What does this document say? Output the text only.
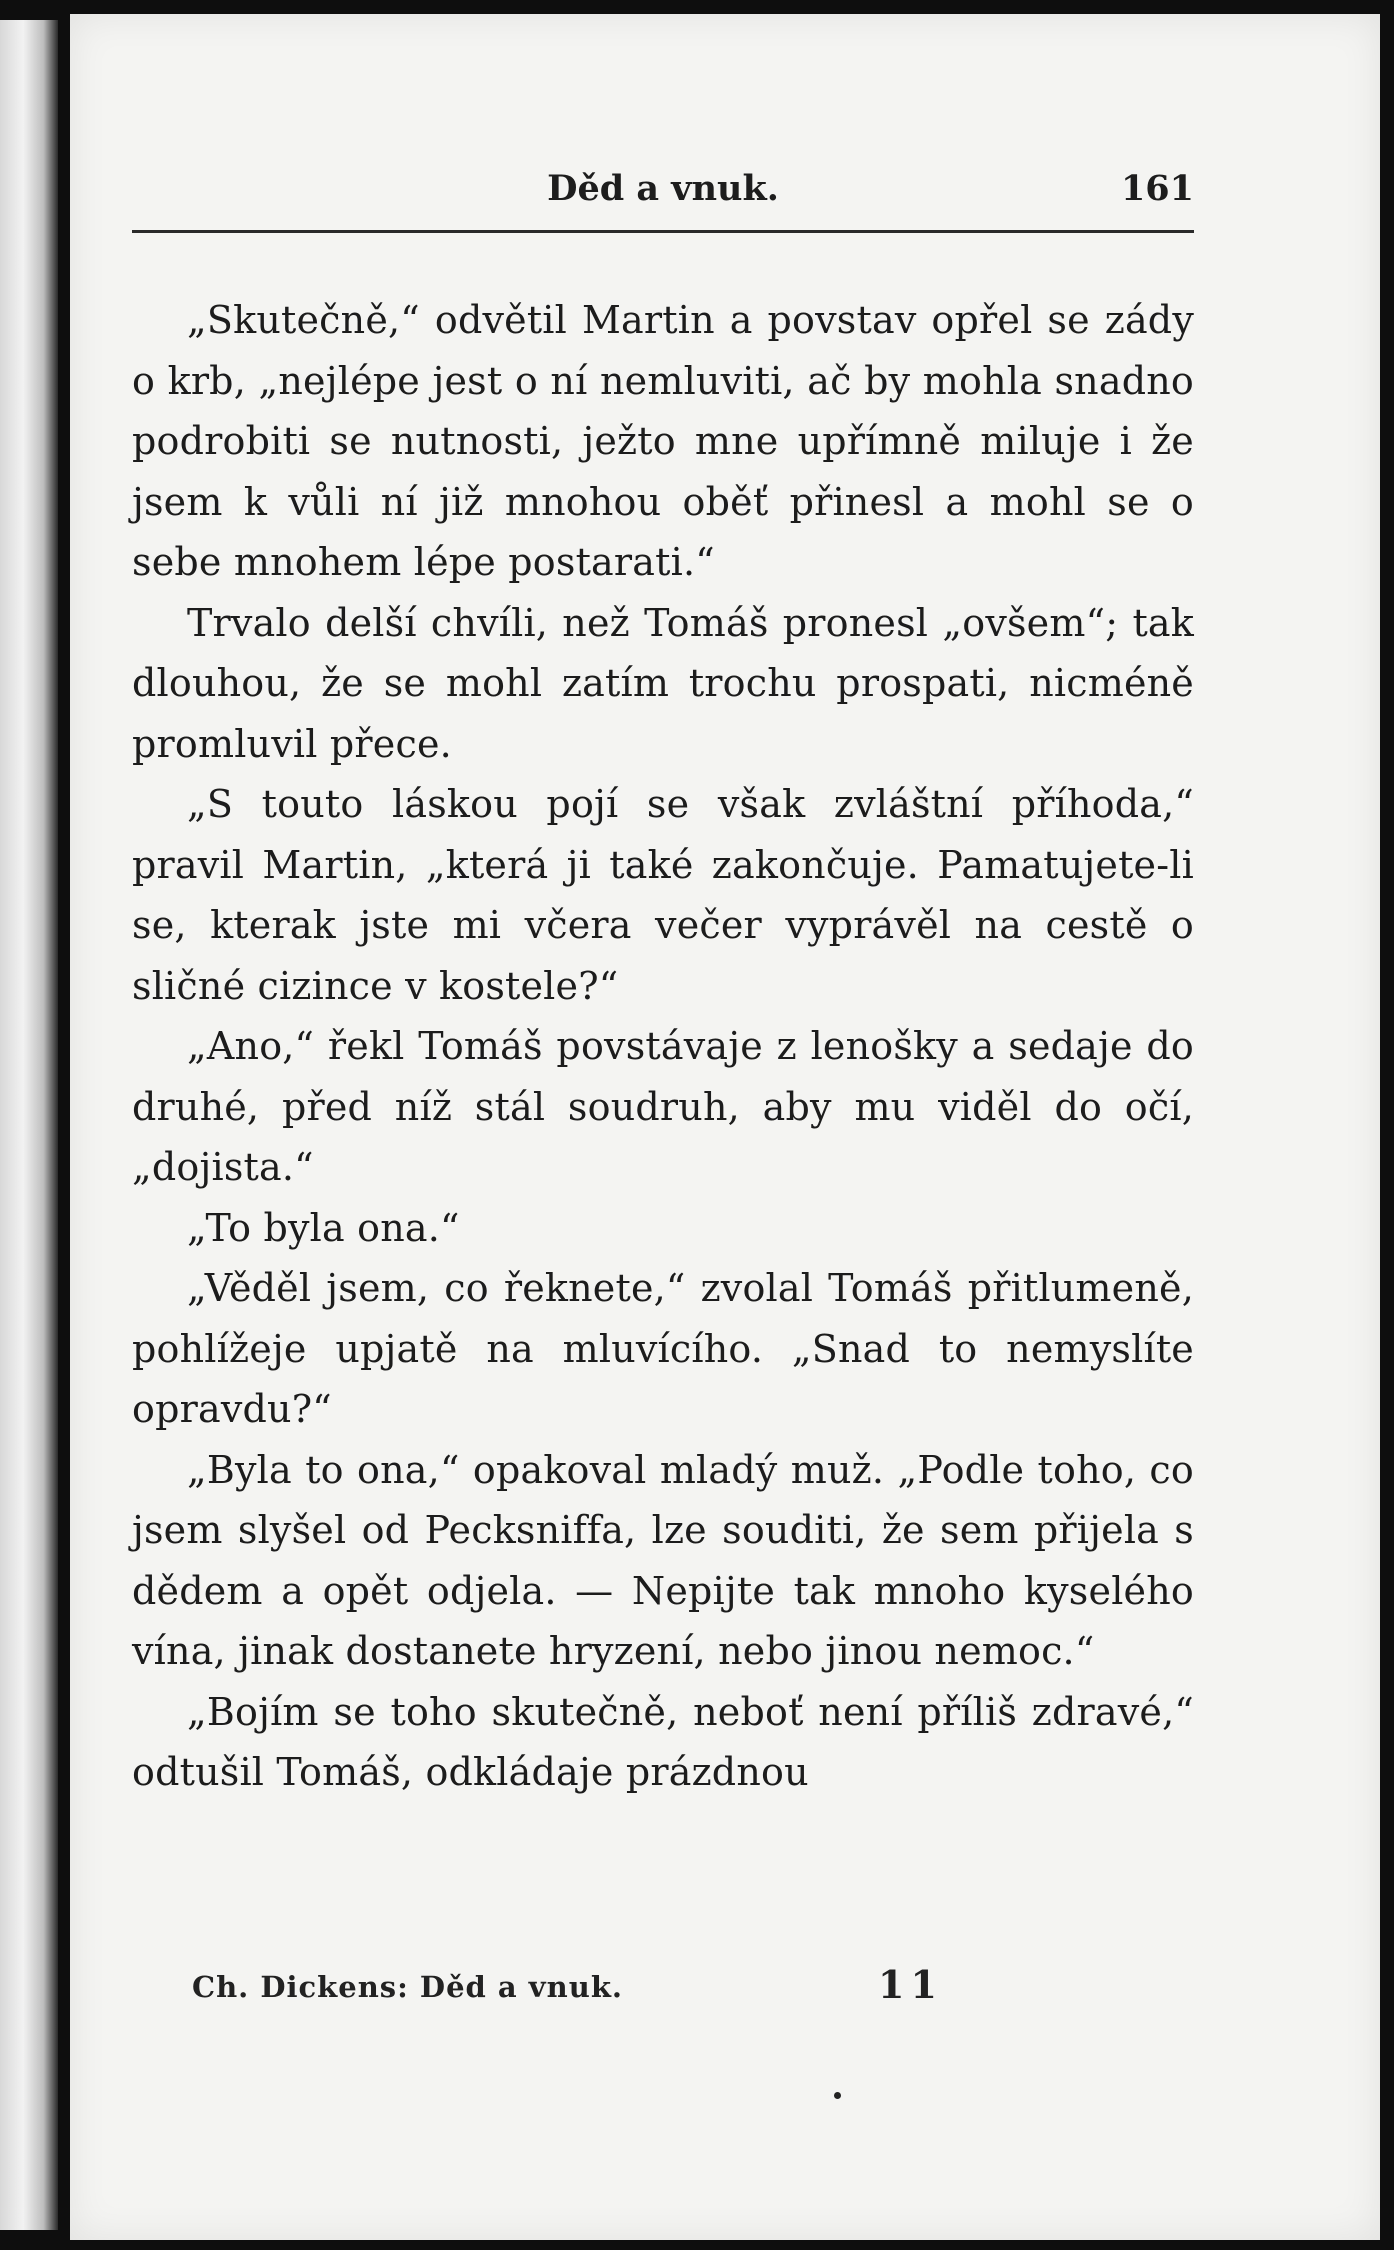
Děd a vnuk.	161

„Skutečně,“ odvětil Martin a povstav opřel se zády o krb, „nejlépe jest o ní nemluviti, ač by mohla snadno podrobiti se nutnosti, ježto mne upřímně miluje i že jsem k vůli ní již mnohou oběť přinesl a mohl se o sebe mnohem lépe postarati.“

Trvalo delší chvíli, než Tomáš pronesl „ovšem“; tak dlouhou, že se mohl zatím trochu prospati, nicméně promluvil přece.

„S touto láskou pojí se však zvláštní příhoda,“ pravil Martin, „která ji také zakončuje. Pamatujete-li se, kterak jste mi včera večer vyprávěl na cestě o sličné cizince v kostele?“

„Ano,“ řekl Tomáš povstávaje z lenošky a sedaje do druhé, před níž stál soudruh, aby mu viděl do očí, „dojista.“

„To byla ona.“

„Věděl jsem, co řeknete,“ zvolal Tomáš přitlumeně, pohlížeje upjatě na mluvícího. „Snad to nemyslíte opravdu?“

„Byla to ona,“ opakoval mladý muž. „Podle toho, co jsem slyšel od Pecksniffa, lze souditi, že sem přijela s dědem a opět odjela. — Nepijte tak mnoho kyselého vína, jinak dostanete hryzení, nebo jinou nemoc.“

„Bojím se toho skutečně, neboť není příliš zdravé,“ odtušil Tomáš, odkládaje prázdnou

Ch. Dickens: Děd a vnuk.	11
